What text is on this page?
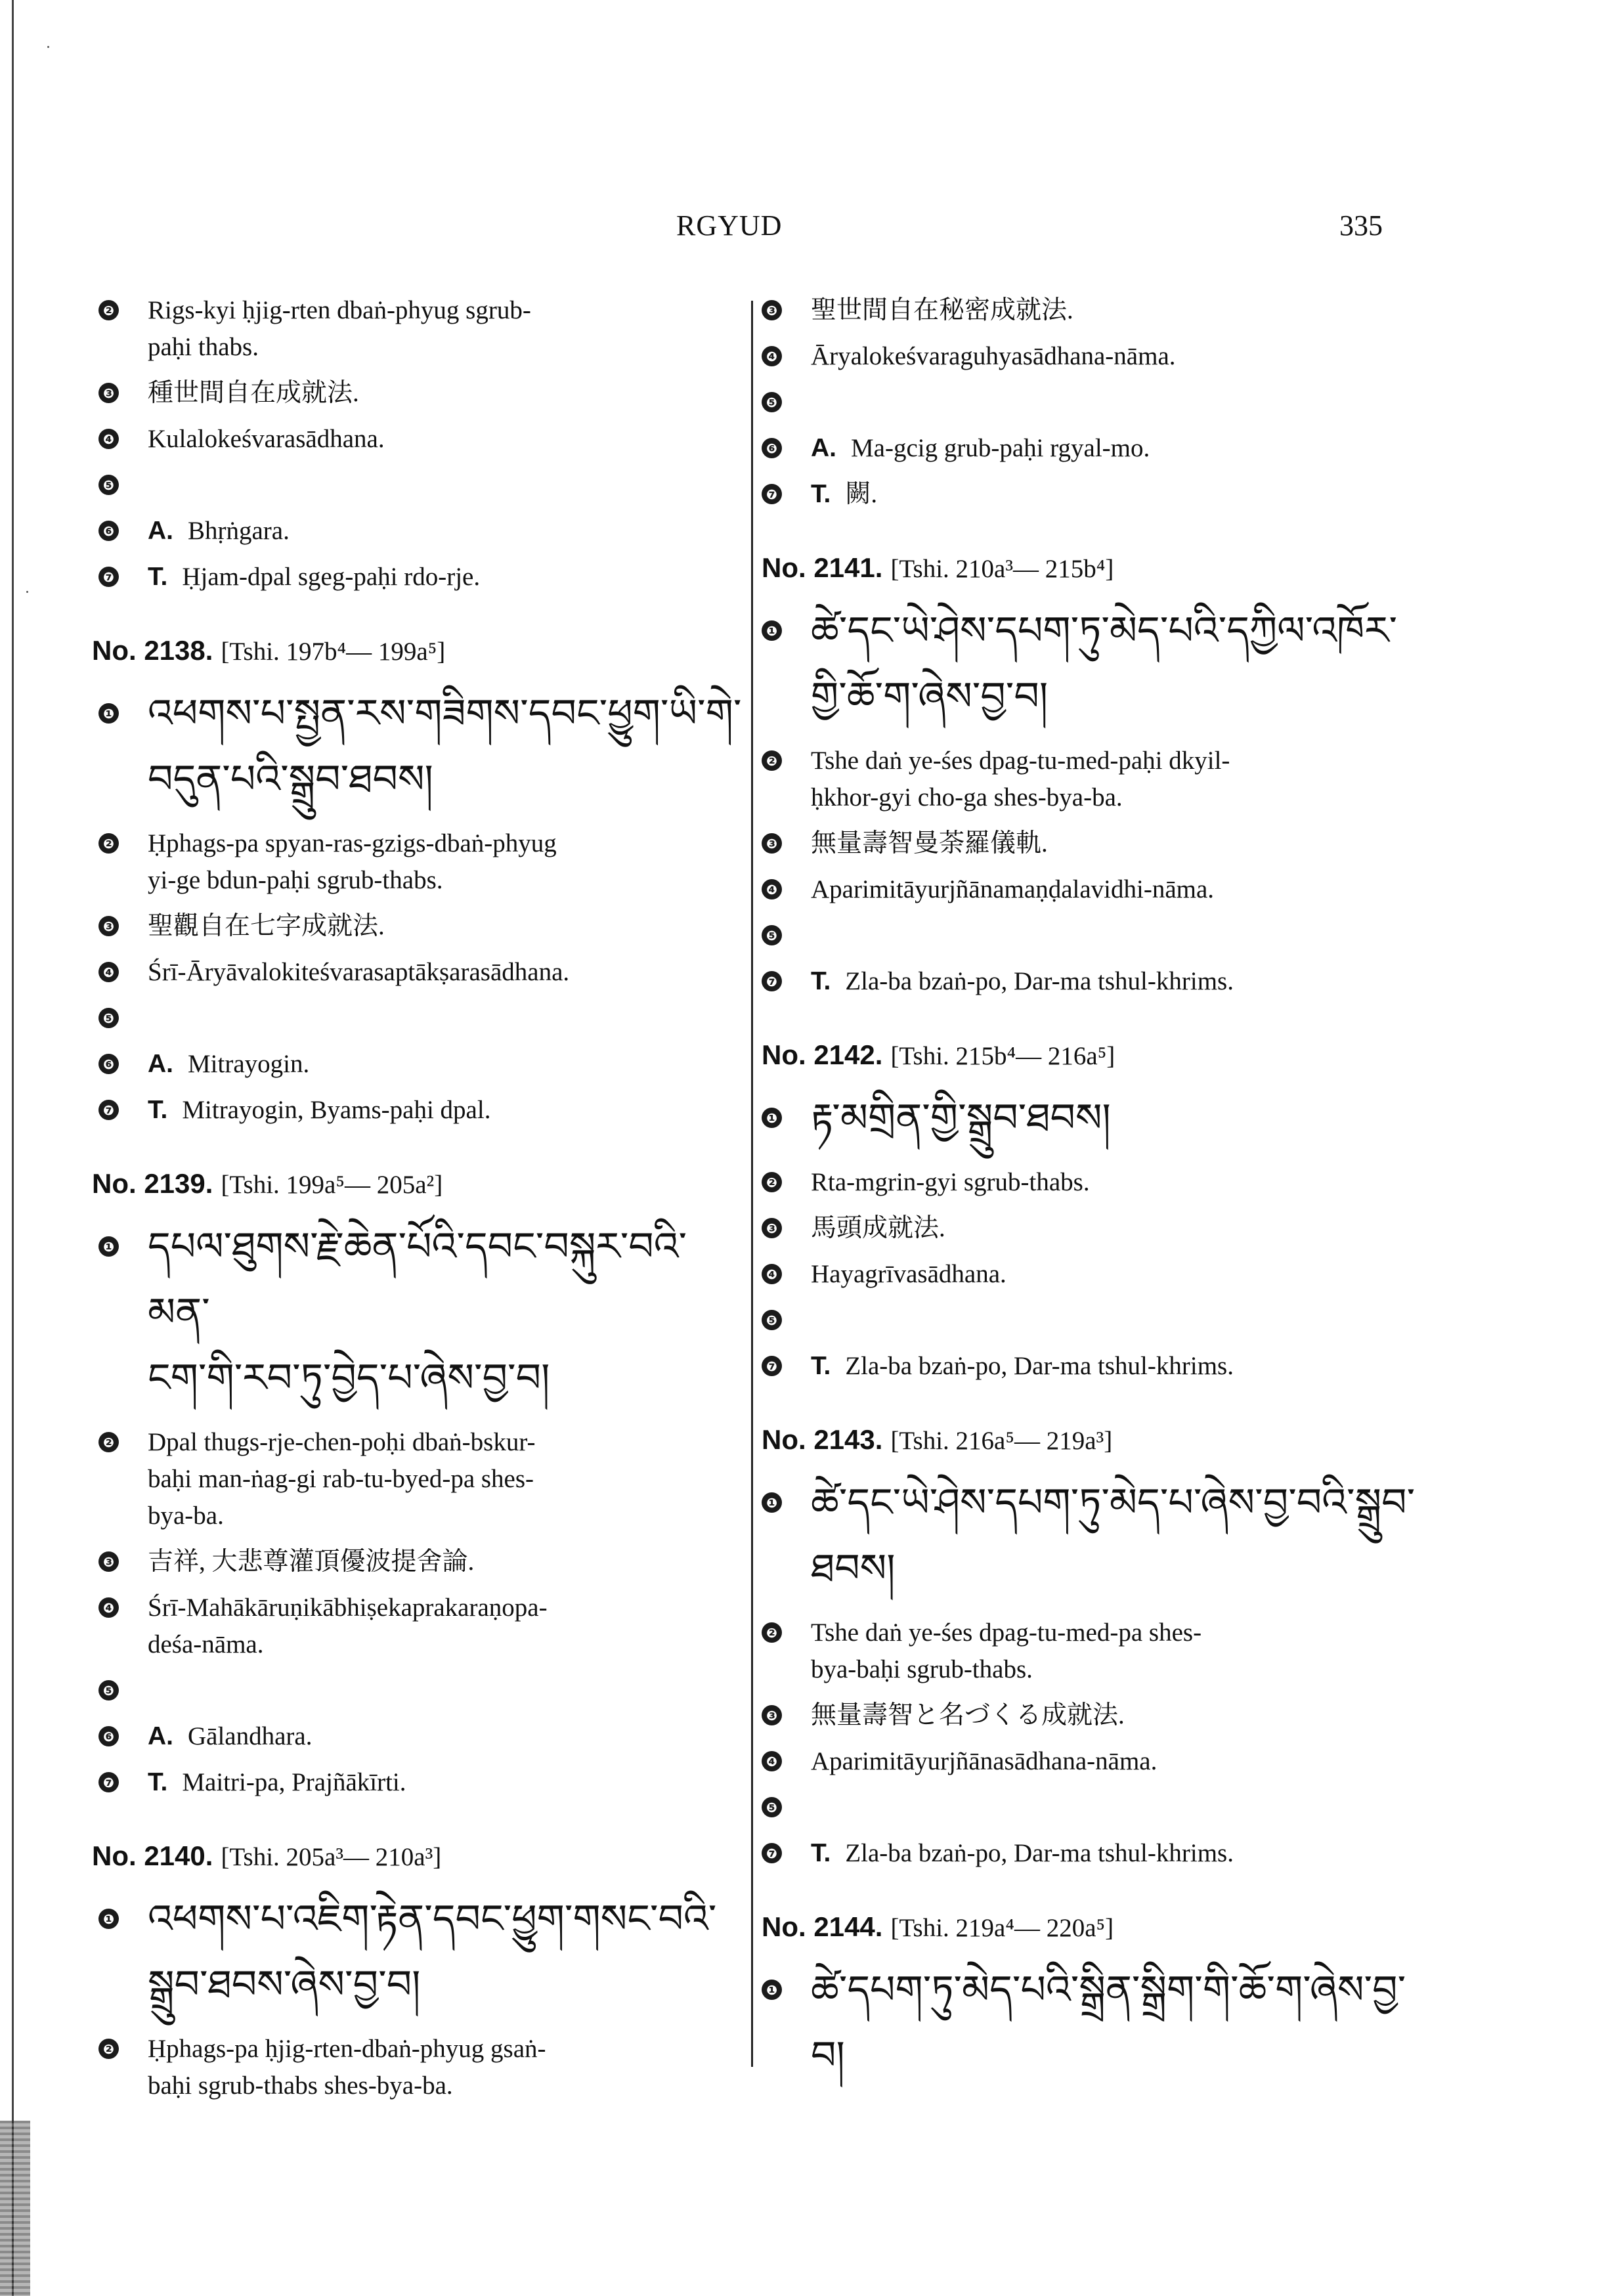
RGYUD	335
❷ Rigs-kyi ḥjig-rten dbaṅ-phyug sgrub-
paḥi thabs.
❸ 種世間自在成就法.
❹ Kulalokeśvarasādhana.
❺
❻ A. Bhṛṅgara.
❼ T. Ḥjam-dpal sgeg-paḥi rdo-rje.
No. 2138. [Tshi. 197b⁴— 199a⁵]
❶ འཕགས་པ་སྤྱན་རས་གཟིགས་དབང་ཕྱུག་ཡི་གེ་
བདུན་པའི་སྒྲུབ་ཐབས།
❷ Ḥphags-pa spyan-ras-gzigs-dbaṅ-phyug
yi-ge bdun-paḥi sgrub-thabs.
❸ 聖觀自在七字成就法.
❹ Śrī-Āryāvalokiteśvarasaptākṣarasādhana.
❺
❻ A. Mitrayogin.
❼ T. Mitrayogin, Byams-paḥi dpal.
No. 2139. [Tshi. 199a⁵— 205a²]
❶ དཔལ་ཐུགས་རྗེ་ཆེན་པོའི་དབང་བསྐུར་བའི་མན་
ངག་གི་རབ་ཏུ་བྱེད་པ་ཞེས་བྱ་བ།
❷ Dpal thugs-rje-chen-poḥi dbaṅ-bskur-
baḥi man-ṅag-gi rab-tu-byed-pa shes-
bya-ba.
❸ 吉祥, 大悲尊灌頂優波提舍論.
❹ Śrī-Mahākāruṇikābhiṣekaprakaraṇopa-
deśa-nāma.
❺
❻ A. Gālandhara.
❼ T. Maitri-pa, Prajñākīrti.
No. 2140. [Tshi. 205a³— 210a³]
❶ འཕགས་པ་འཇིག་རྟེན་དབང་ཕྱུག་གསང་བའི་
སྒྲུབ་ཐབས་ཞེས་བྱ་བ།
❷ Ḥphags-pa ḥjig-rten-dbaṅ-phyug gsaṅ-
baḥi sgrub-thabs shes-bya-ba.
❸ 聖世間自在秘密成就法.
❹ Āryalokeśvaraguhyasādhana-nāma.
❺
❻ A. Ma-gcig grub-paḥi rgyal-mo.
❼ T. 闕.
No. 2141. [Tshi. 210a³— 215b⁴]
❶ ཚེ་དང་ཡེ་ཤེས་དཔག་ཏུ་མེད་པའི་དཀྱིལ་འཁོར་
གྱི་ཆོ་ག་ཞེས་བྱ་བ།
❷ Tshe daṅ ye-śes dpag-tu-med-paḥi dkyil-
ḥkhor-gyi cho-ga shes-bya-ba.
❸ 無量壽智曼荼羅儀軌.
❹ Aparimitāyurjñānamaṇḍalavidhi-nāma.
❺
❼ T. Zla-ba bzaṅ-po, Dar-ma tshul-khrims.
No. 2142. [Tshi. 215b⁴— 216a⁵]
❶ རྟ་མགྲིན་གྱི་སྒྲུབ་ཐབས།
❷ Rta-mgrin-gyi sgrub-thabs.
❸ 馬頭成就法.
❹ Hayagrīvasādhana.
❺
❼ T. Zla-ba bzaṅ-po, Dar-ma tshul-khrims.
No. 2143. [Tshi. 216a⁵— 219a³]
❶ ཚེ་དང་ཡེ་ཤེས་དཔག་ཏུ་མེད་པ་ཞེས་བྱ་བའི་སྒྲུབ་
ཐབས།
❷ Tshe daṅ ye-śes dpag-tu-med-pa shes-
bya-baḥi sgrub-thabs.
❸ 無量壽智と名づくる成就法.
❹ Aparimitāyurjñānasādhana-nāma.
❺
❼ T. Zla-ba bzaṅ-po, Dar-ma tshul-khrims.
No. 2144. [Tshi. 219a⁴— 220a⁵]
❶ ཚེ་དཔག་ཏུ་མེད་པའི་སྒྲིན་སྒྲིག་གི་ཆོ་ག་ཞེས་བྱ་བ།
